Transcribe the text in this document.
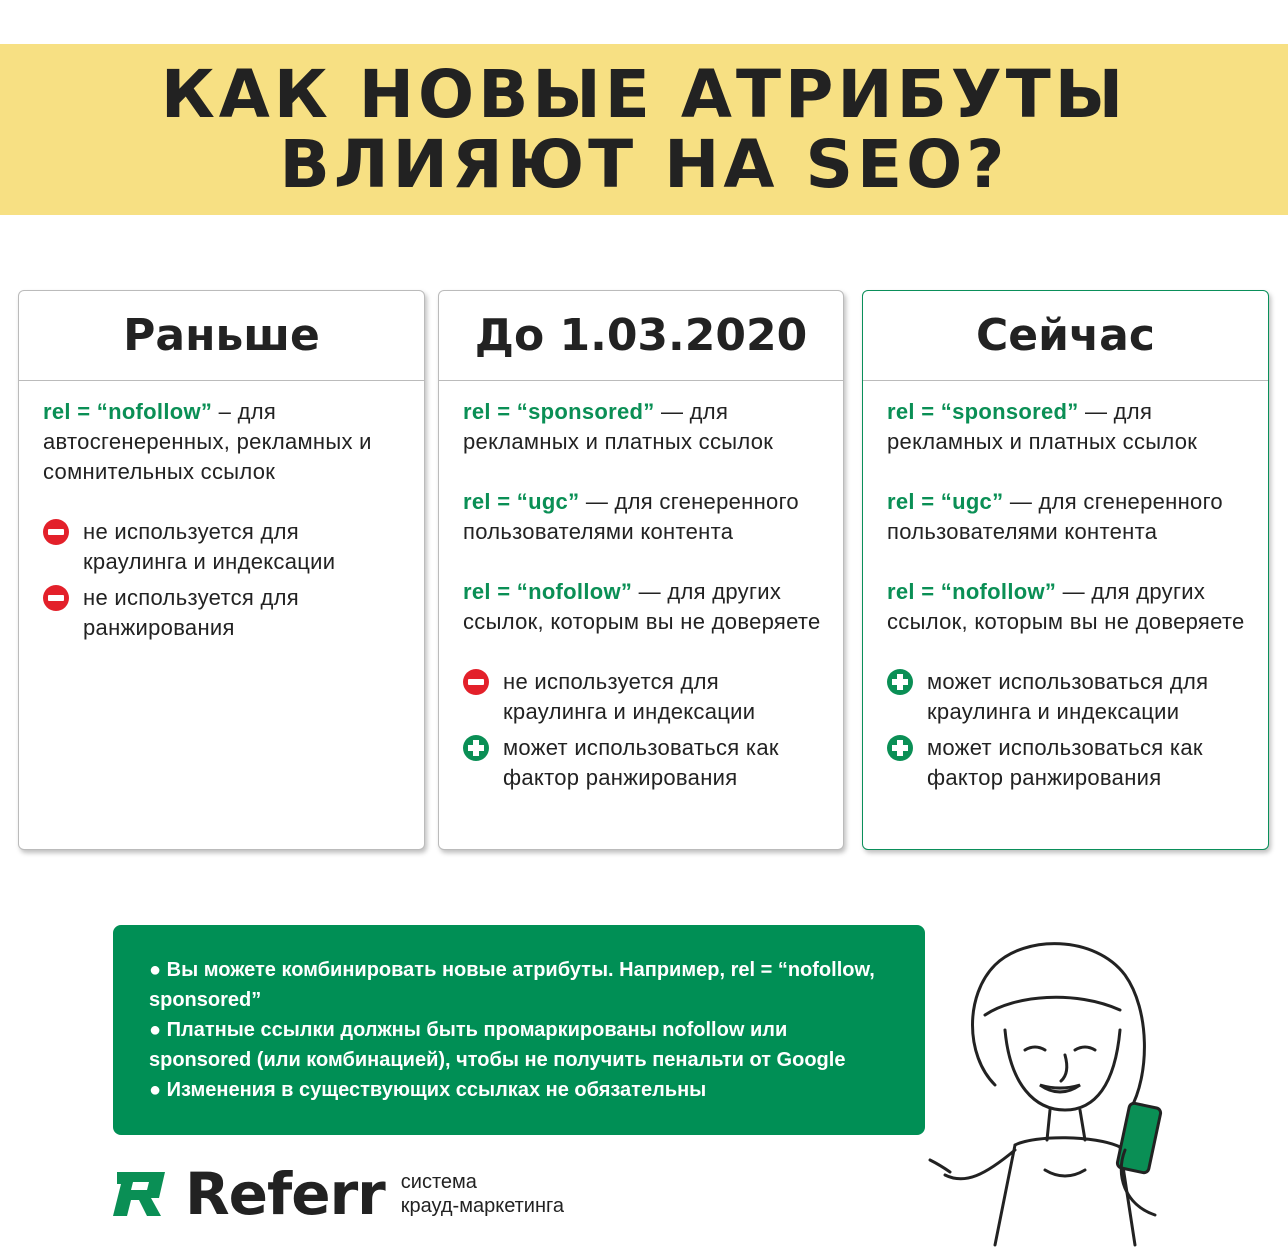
КАК НОВЫЕ АТРИБУТЫ
ВЛИЯЮТ НА SEO?
Раньше
rel = “nofollow” – для автосгенеренных, рекламных и сомнительных ссылок
не используется для краулинга и индексации
не используется для ранжирования
До 1.03.2020
rel = “sponsored” — для рекламных и платных ссылок
rel = “ugc” — для сгенеренного пользователями контента
rel = “nofollow” — для других ссылок, которым вы не доверяете
не используется для краулинга и индексации
может использоваться как фактор ранжирования
Сейчас
rel = “sponsored” — для рекламных и платных ссылок
rel = “ugc” — для сгенеренного пользователями контента
rel = “nofollow” — для других ссылок, которым вы не доверяете
может использоваться для краулинга и индексации
может использоваться как фактор ранжирования
● Вы можете комбинировать новые атрибуты. Например, rel = “nofollow, sponsored”
● Платные ссылки должны быть промаркированы nofollow или sponsored (или комбинацией), чтобы не получить пенальти от Google
● Изменения в существующих ссылках не обязательны
Referr система
крауд-маркетинга
